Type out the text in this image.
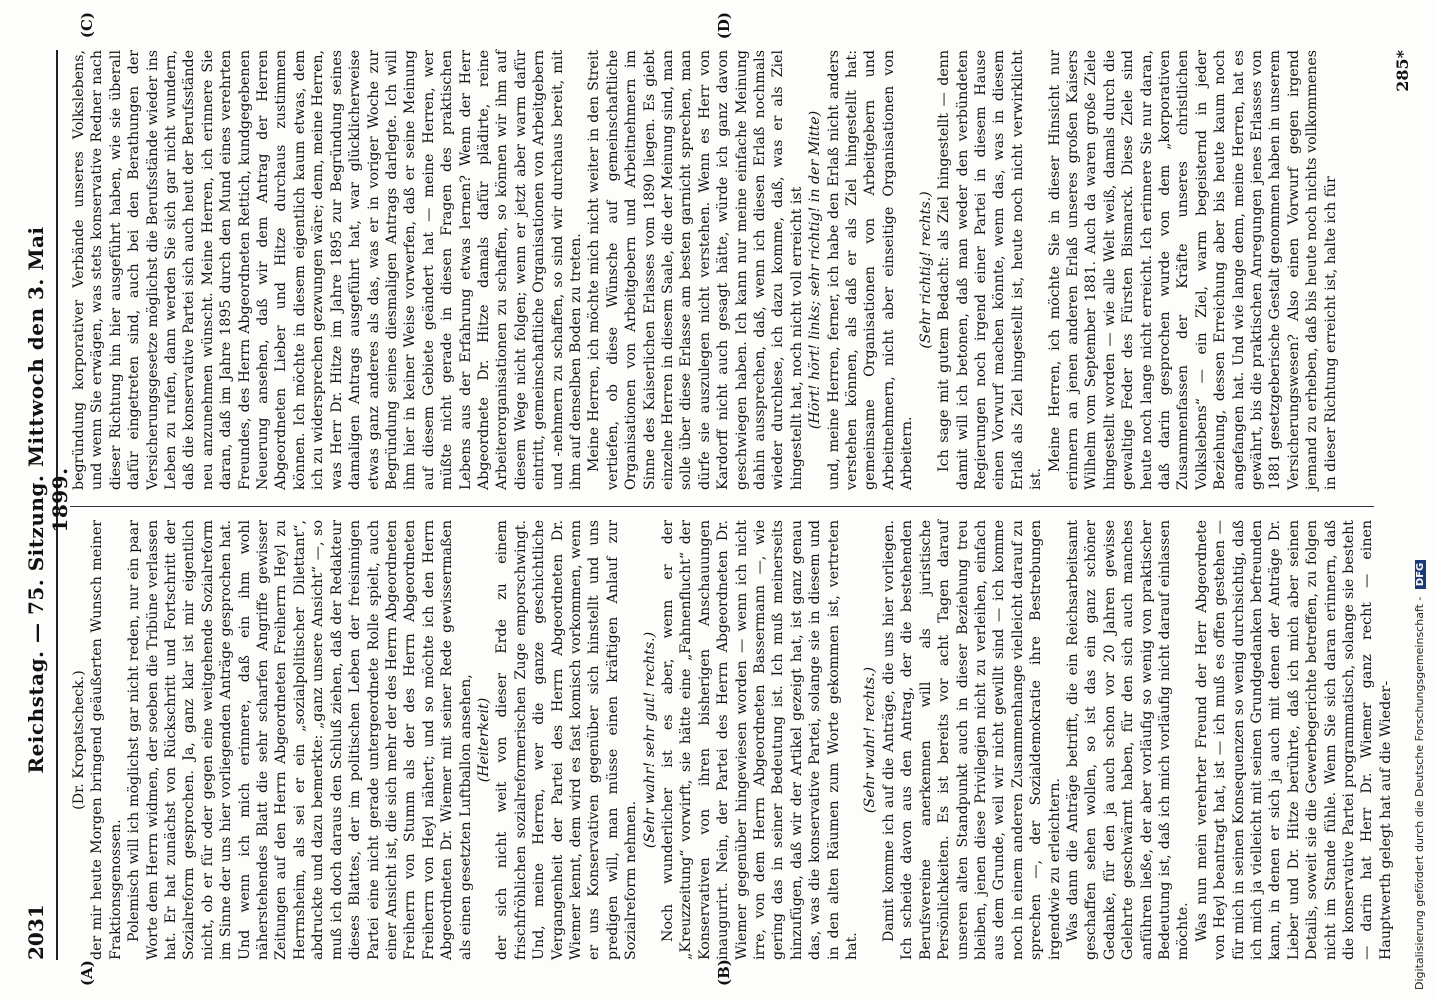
2031
Reichstag. — 75. Sitzung. Mittwoch den 3. Mai 1899.
(A)	(B)
(C)	(D)

(Dr. Kropatscheck.) der mir heute Morgen bringend geäußerten Wunsch meiner Fraktionsgenossen. Polemisch will ich möglichst gar nicht reden, nur ein paar Worte dem Herrn widmen, der soeben die Tribüne verlassen hat. Er hat zunächst von Rückschritt und Fortschritt der Sozialreform gesprochen. Ja, ganz klar ist mir eigentlich nicht, ob er für oder gegen eine weitgehende Sozialreform im Sinne der uns hier vorliegenden Anträge gesprochen hat. Und wenn ich mich erinnere, daß ein ihm wohl näherstehendes Blatt die sehr scharfen Angriffe gewisser Zeitungen auf den Herrn Abgeordneten Freiherrn Heyl zu Herrnsheim, als sei er ein „sozialpolitischer Dilettant“, abdruckte und dazu bemerkte: „ganz unsere Ansicht“ —, so muß ich doch daraus den Schluß ziehen, daß der Redakteur dieses Blattes, der im politischen Leben der freisinnigen Partei eine nicht gerade untergeordnete Rolle spielt, auch einer Ansicht ist, die sich mehr der des Herrn Abgeordneten Freiherrn von Stumm als der des Herrn Abgeordneten Freiherrn von Heyl nähert; und so möchte ich den Herrn Abgeordneten Dr. Wiemer mit seiner Rede gewissermaßen als einen gesetzten Luftballon ansehen, (Heiterkeit) der sich nicht weit von dieser Erde zu einem frischfröhlichen sozialreformerischen Zuge emporschwingt. Und, meine Herren, wer die ganze geschichtliche Vergangenheit der Partei des Herrn Abgeordneten Dr. Wiemer kennt, dem wird es fast komisch vorkommen, wenn er uns Konservativen gegenüber sich hinstellt und uns predigen will, man müsse einen kräftigen Anlauf zur Sozialreform nehmen.

(Sehr wahr! sehr gut! rechts.) Noch wunderlicher ist es aber, wenn er der „Kreuzzeitung“ vorwirft, sie hätte eine „Fahnenflucht“ der Konservativen von ihren bisherigen Anschauungen inaugurirt. Nein, der Partei des Herrn Abgeordneten Dr. Wiemer gegenüber hingewiesen worden — wenn ich nicht irre, von dem Herrn Abgeordneten Bassermann —, wie gering das in seiner Bedeutung ist. Ich muß meinerseits hinzufügen, daß wir der Artikel gezeigt hat, ist ganz genau das, was die konservative Partei, solange sie in diesem und in den alten Räumen zum Worte gekommen ist, vertreten hat.

(Sehr wahr! rechts.) Damit komme ich auf die Anträge, die uns hier vorliegen. Ich scheide davon aus den Antrag, der die bestehenden Berufsvereine anerkennen will als juristische Persönlichkeiten. Es ist bereits vor acht Tagen darauf unseren alten Standpunkt auch in dieser Beziehung treu bleiben, jenen diese Privilegien nicht zu verleihen, einfach aus dem Grunde, weil wir nicht gewillt sind — ich komme noch in einem anderen Zusammenhange vielleicht darauf zu sprechen —, der Sozialdemokratie ihre Bestrebungen irgendwie zu erleichtern. Was dann die Anträge betrifft, die ein Reichsarbeitsamt geschaffen sehen wollen, so ist das ein ganz schöner Gedanke, für den ja auch schon vor 20 Jahren gewisse Gelehrte geschwärmt haben, für den sich auch manches anführen ließe, der aber vorläufig so wenig von praktischer Bedeutung ist, daß ich mich vorläufig nicht darauf einlassen möchte. Was nun mein verehrter Freund der Herr Abgeordnete von Heyl beantragt hat, ist — ich muß es offen gestehen — für mich in seinen Konsequenzen so wenig durchsichtig, daß ich mich ja vielleicht mit seinen Grundgedanken befreunden kann, in denen er sich ja auch mit denen der Anträge Dr. Lieber und Dr. Hitze berührte, daß ich mich aber seinen Details, soweit sie die Gewerbegerichte betreffen, zu folgen nicht im Stande fühle. Wenn Sie sich daran erinnern, daß die konservative Partei programmatisch, solange sie besteht — darin hat Herr Dr. Wiemer ganz recht — einen Hauptwerth gelegt hat auf die Wieder-

begründung korporativer Verbände unseres Volkslebens, und wenn Sie erwägen, was stets konservative Redner nach dieser Richtung hin hier ausgeführt haben, wie sie überall dafür eingetreten sind, auch bei den Berathungen der Versicherungsgesetze möglichst die Berufsstände wieder ins Leben zu rufen, dann werden Sie sich gar nicht wundern, daß die konservative Partei sich auch heut der Berufsstände neu anzunehmen wünscht. Meine Herren, ich erinnere Sie daran, daß im Jahre 1895 durch den Mund eines verehrten Freundes, des Herrn Abgeordneten Rettich, kundgegebenen Neuerung ansehen, daß wir dem Antrag der Herren Abgeordneten Lieber und Hitze durchaus zustimmen können. Ich möchte in diesem eigentlich kaum etwas, dem ich zu widersprechen gezwungen wäre; denn, meine Herren, was Herr Dr. Hitze im Jahre 1895 zur Begründung seines damaligen Antrags ausgeführt hat, war glücklicherweise etwas ganz anderes als das, was er in voriger Woche zur Begründung seines diesmaligen Antrags darlegte. Ich will ihm hier in keiner Weise vorwerfen, daß er seine Meinung auf diesem Gebiete geändert hat — meine Herren, wer müßte nicht gerade in diesen Fragen des praktischen Lebens aus der Erfahrung etwas lernen? Wenn der Herr Abgeordnete Dr. Hitze damals dafür plädirte, reine Arbeiterorganisationen zu schaffen, so können wir ihm auf diesem Wege nicht folgen; wenn er jetzt aber warm dafür eintritt, gemeinschaftliche Organisationen von Arbeitgebern und -nehmern zu schaffen, so sind wir durchaus bereit, mit ihm auf denselben Boden zu treten. Meine Herren, ich möchte mich nicht weiter in den Streit vertiefen, ob diese Wünsche auf gemeinschaftliche Organisationen von Arbeitgebern und Arbeitnehmern im Sinne des Kaiserlichen Erlasses vom 1890 liegen. Es giebt einzelne Herren in diesem Saale, die der Meinung sind, man solle über diese Erlasse am besten garnicht sprechen, man dürfe sie auszulegen nicht verstehen. Wenn es Herr von Kardorff nicht auch gesagt hätte, würde ich ganz davon geschwiegen haben. Ich kann nur meine einfache Meinung dahin aussprechen, daß, wenn ich diesen Erlaß nochmals wieder durchlese, ich dazu komme, daß, was er als Ziel hingestellt hat, noch nicht voll erreicht ist (Hört! hört! links; sehr richtig! in der Mitte) und, meine Herren, ferner, ich habe den Erlaß nicht anders verstehen können, als daß er als Ziel hingestellt hat: gemeinsame Organisationen von Arbeitgebern und Arbeitnehmern, nicht aber einseitige Organisationen von Arbeitern.

(Sehr richtig! rechts.) Ich sage mit gutem Bedacht: als Ziel hingestellt — denn damit will ich betonen, daß man weder den verbündeten Regierungen noch irgend einer Partei in diesem Hause einen Vorwurf machen könnte, wenn das, was in diesem Erlaß als Ziel hingestellt ist, heute noch nicht verwirklicht ist.

Meine Herren, ich möchte Sie in dieser Hinsicht nur erinnern an jenen anderen Erlaß unseres großen Kaisers Wilhelm vom September 1881. Auch da waren große Ziele hingestellt worden — wie alle Welt weiß, damals durch die gewaltige Feder des Fürsten Bismarck. Diese Ziele sind heute noch lange nicht erreicht. Ich erinnere Sie nur daran, daß darin gesprochen wurde von dem „korporativen Zusammenfassen der Kräfte unseres christlichen Volkslebens“ — ein Ziel, warm begeisternd in jeder Beziehung, dessen Erreichung aber bis heute kaum noch angefangen hat. Und wie lange denn, meine Herren, hat es gewährt, bis die praktischen Anregungen jenes Erlasses von 1881 gesetzgeberische Gestalt genommen haben in unserem Versicherungswesen? Also einen Vorwurf gegen irgend jemand zu erheben, daß bis heute noch nichts vollkommenes in dieser Richtung erreicht ist, halte ich für

285*
Digitalisierung gefördert durch die Deutsche Forschungsgemeinschaft - DFG
